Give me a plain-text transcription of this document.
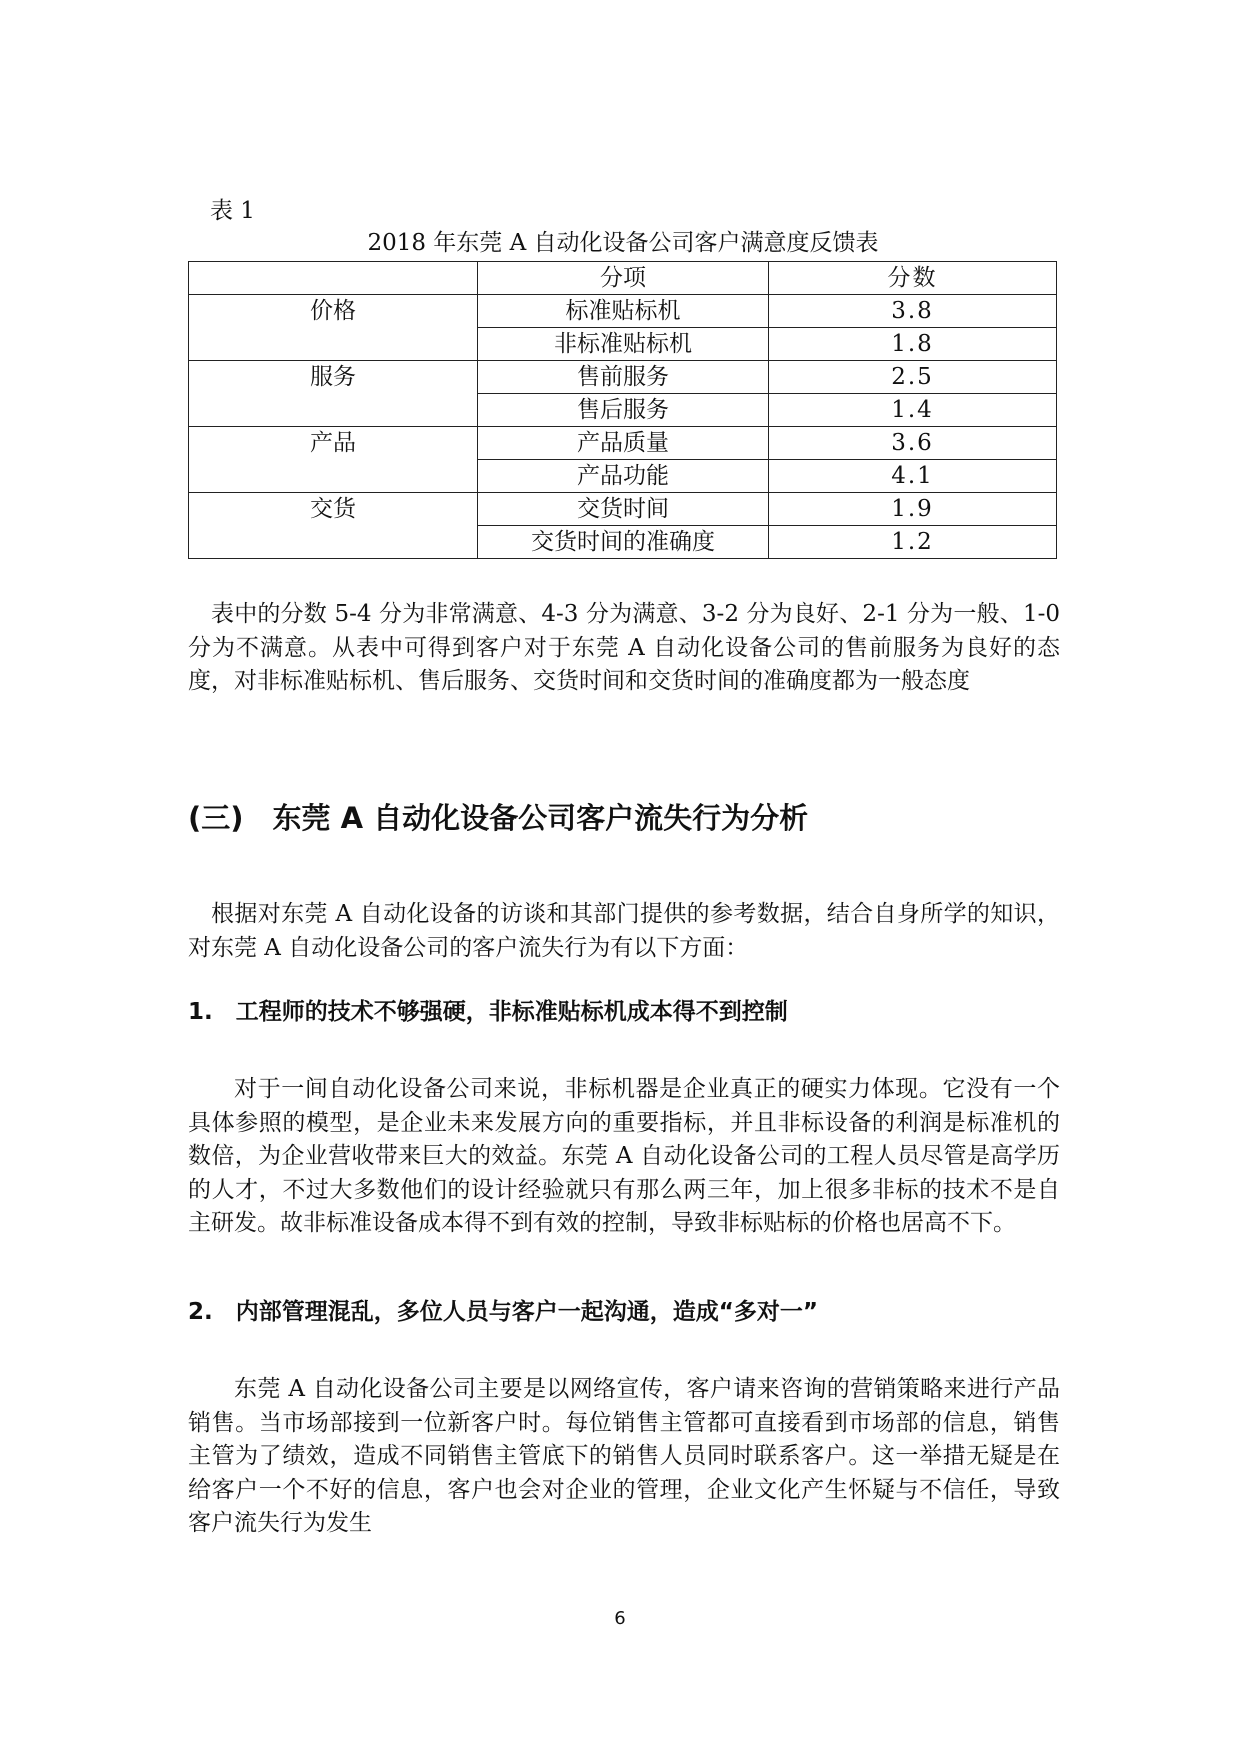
表 1
2018 年东莞 A 自动化设备公司客户满意度反馈表
	分项	分数
价格	标准贴标机	3.8
	非标准贴标机	1.8
服务	售前服务	2.5
	售后服务	1.4
产品	产品质量	3.6
	产品功能	4.1
交货	交货时间	1.9
	交货时间的准确度	1.2

表中的分数 5-4 分为非常满意、4-3 分为满意、3-2 分为良好、2-1 分为一般、1-0 分为不满意。从表中可得到客户对于东莞 A 自动化设备公司的售前服务为良好的态度，对非标准贴标机、售后服务、交货时间和交货时间的准确度都为一般态度

(三)　东莞 A 自动化设备公司客户流失行为分析

根据对东莞 A 自动化设备的访谈和其部门提供的参考数据，结合自身所学的知识，对东莞 A 自动化设备公司的客户流失行为有以下方面：

1.　工程师的技术不够强硬，非标准贴标机成本得不到控制

对于一间自动化设备公司来说，非标机器是企业真正的硬实力体现。它没有一个具体参照的模型，是企业未来发展方向的重要指标，并且非标设备的利润是标准机的数倍，为企业营收带来巨大的效益。东莞 A 自动化设备公司的工程人员尽管是高学历的人才，不过大多数他们的设计经验就只有那么两三年，加上很多非标的技术不是自主研发。故非标准设备成本得不到有效的控制，导致非标贴标的价格也居高不下。

2.　内部管理混乱，多位人员与客户一起沟通，造成“多对一”

东莞 A 自动化设备公司主要是以网络宣传，客户请来咨询的营销策略来进行产品销售。当市场部接到一位新客户时。每位销售主管都可直接看到市场部的信息，销售主管为了绩效，造成不同销售主管底下的销售人员同时联系客户。这一举措无疑是在给客户一个不好的信息，客户也会对企业的管理，企业文化产生怀疑与不信任，导致客户流失行为发生

6
